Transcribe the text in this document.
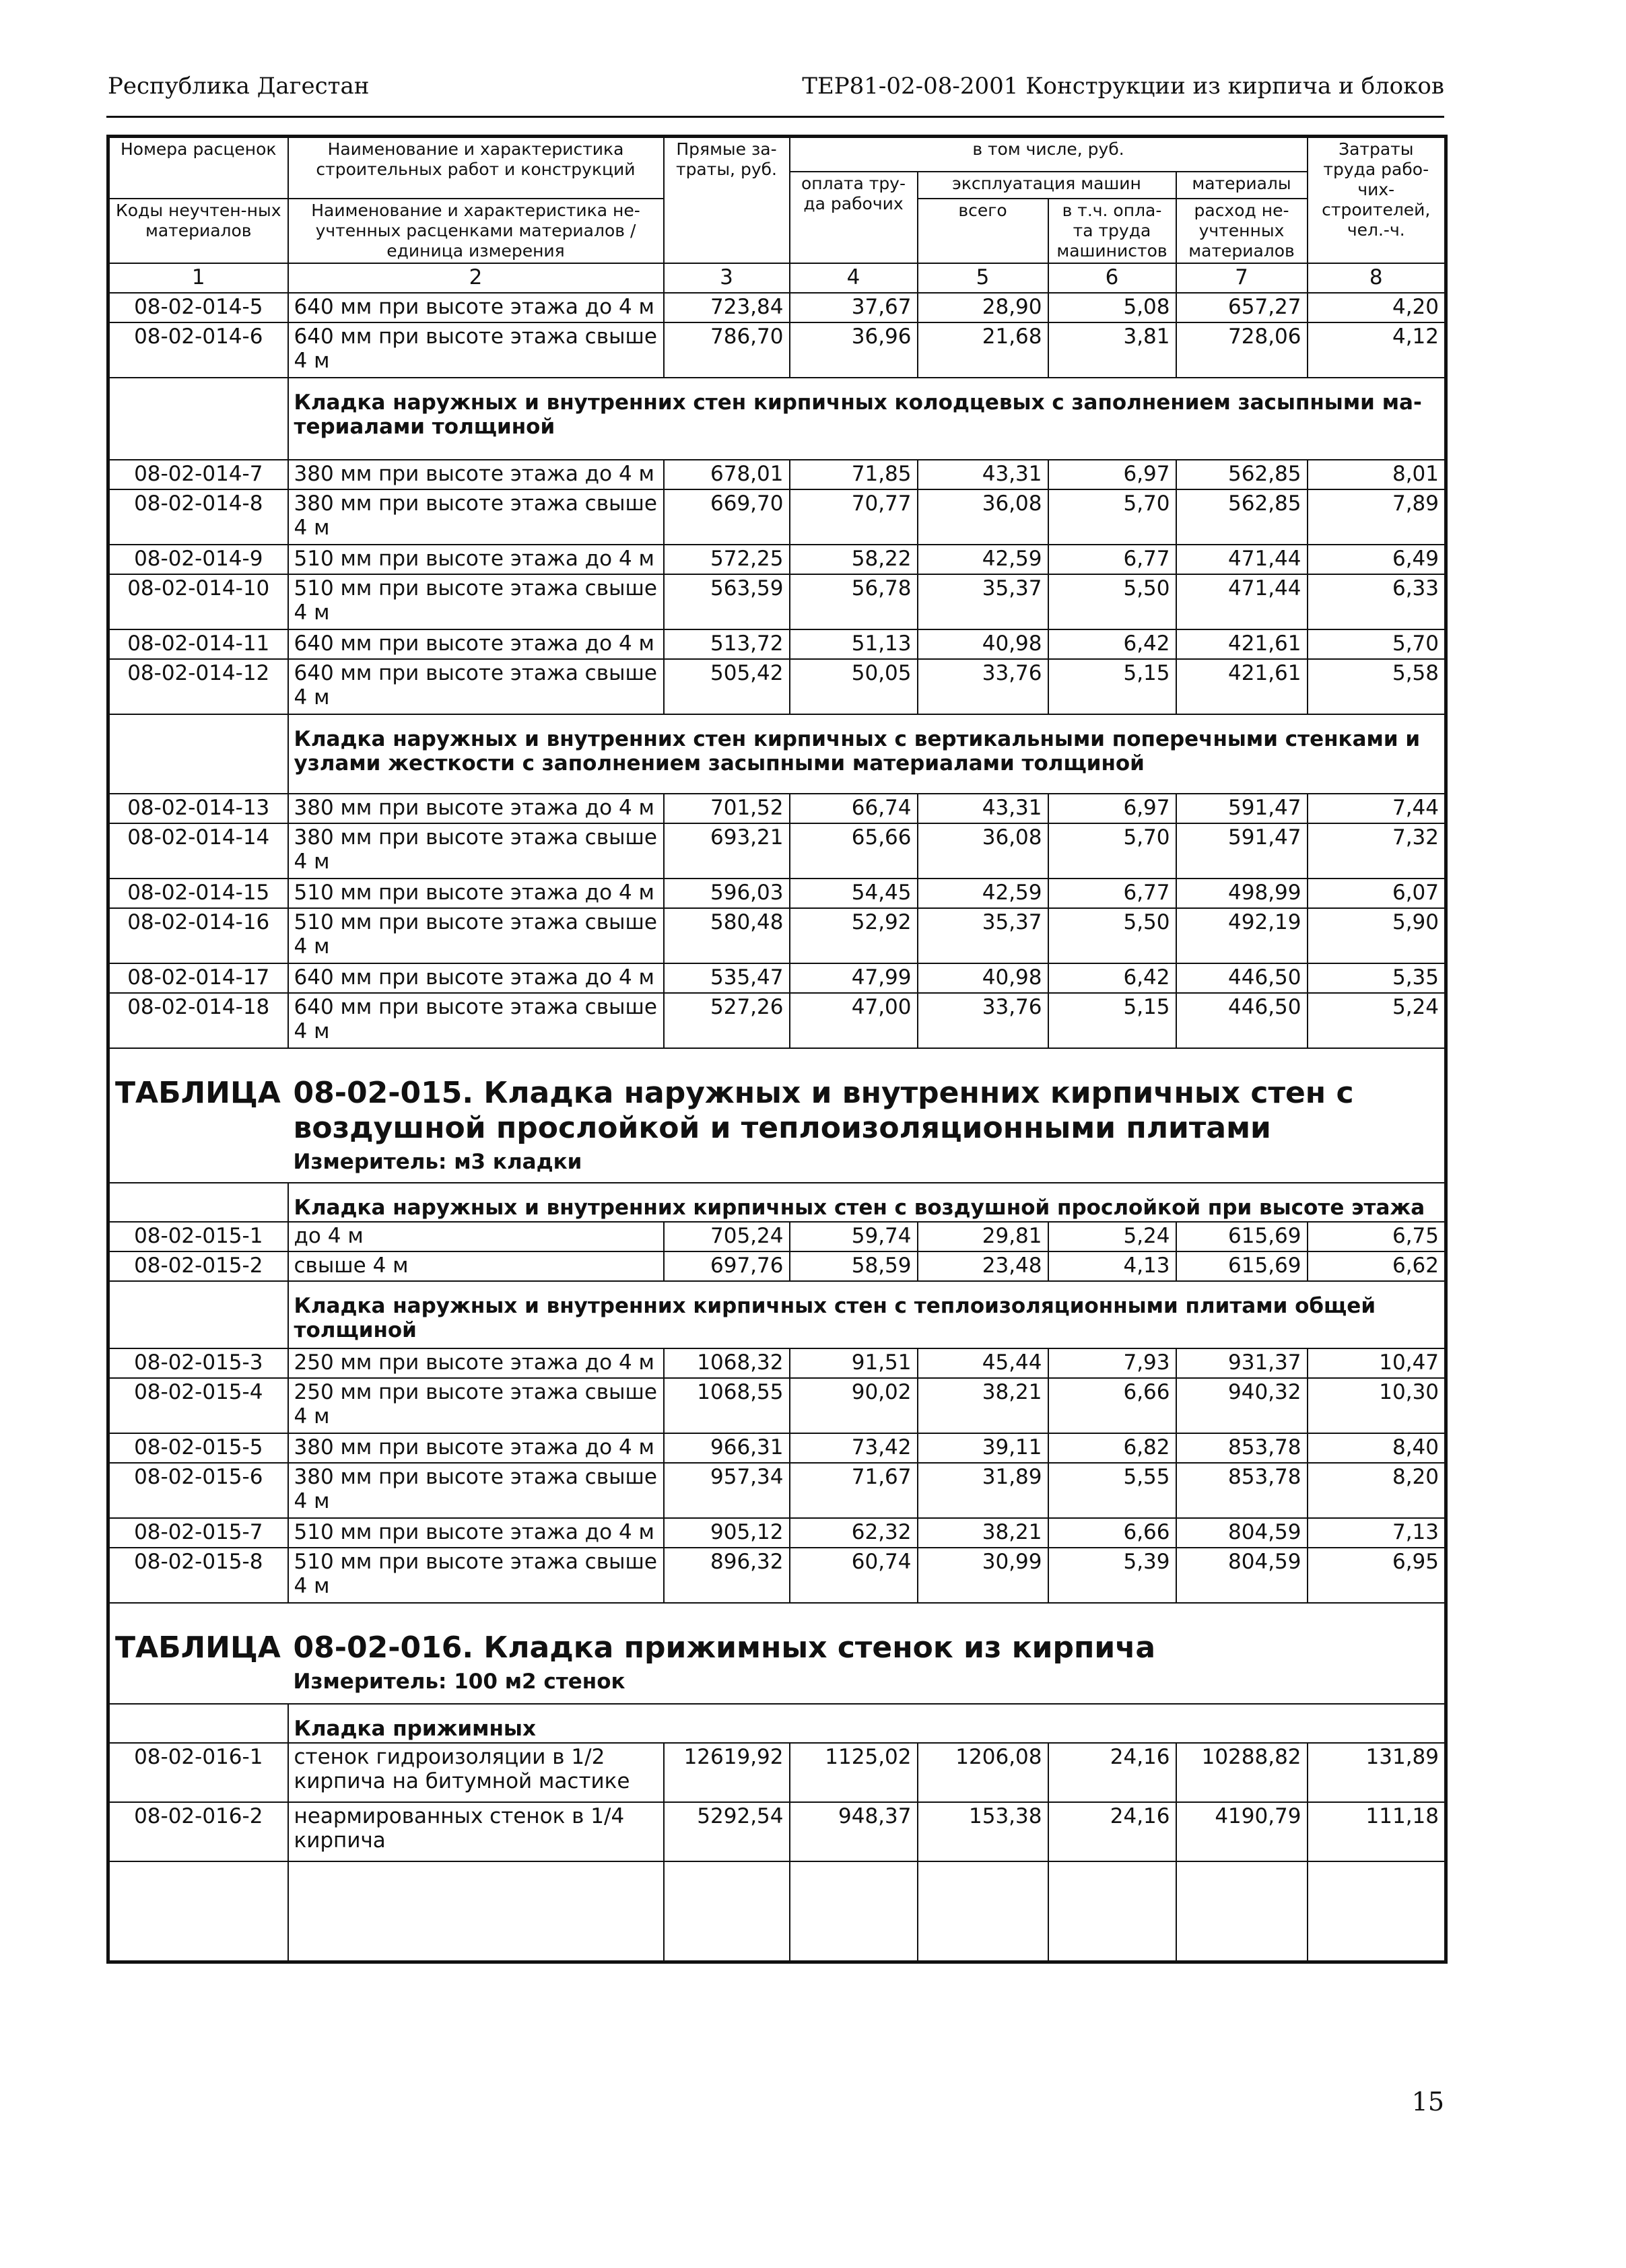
Республика Дагестан	ТЕР81-02-08-2001 Конструкции из кирпича и блоков
Номера расценок	Наименование и характеристика строительных работ и конструкций	Прямые за-траты, руб.	в том числе, руб.				Затраты труда рабо-чих-строителей, чел.-ч.
			оплата тру-да рабочих	эксплуатация машин		материалы	
Коды неучтен-ных материалов	Наименование и характеристика не-учтенных расценками материалов / единица измерения			всего	в т.ч. опла-та труда машинистов	расход не-учтенных материалов	

1	2	3	4	5	6	7	8
08-02-014-5	640 мм при высоте этажа до 4 м	723,84	37,67	28,90	5,08	657,27	4,20
08-02-014-6	640 мм при высоте этажа свыше 4 м	786,70	36,96	21,68	3,81	728,06	4,12
	Кладка наружных и внутренних стен кирпичных колодцевых с заполнением засыпными ма-териалами толщиной						
08-02-014-7	380 мм при высоте этажа до 4 м	678,01	71,85	43,31	6,97	562,85	8,01
08-02-014-8	380 мм при высоте этажа свыше 4 м	669,70	70,77	36,08	5,70	562,85	7,89
08-02-014-9	510 мм при высоте этажа до 4 м	572,25	58,22	42,59	6,77	471,44	6,49
08-02-014-10	510 мм при высоте этажа свыше 4 м	563,59	56,78	35,37	5,50	471,44	6,33
08-02-014-11	640 мм при высоте этажа до 4 м	513,72	51,13	40,98	6,42	421,61	5,70
08-02-014-12	640 мм при высоте этажа свыше 4 м	505,42	50,05	33,76	5,15	421,61	5,58
	Кладка наружных и внутренних стен кирпичных с вертикальными поперечными стенками и узлами жесткости с заполнением засыпными материалами толщиной						
08-02-014-13	380 мм при высоте этажа до 4 м	701,52	66,74	43,31	6,97	591,47	7,44
08-02-014-14	380 мм при высоте этажа свыше 4 м	693,21	65,66	36,08	5,70	591,47	7,32
08-02-014-15	510 мм при высоте этажа до 4 м	596,03	54,45	42,59	6,77	498,99	6,07
08-02-014-16	510 мм при высоте этажа свыше 4 м	580,48	52,92	35,37	5,50	492,19	5,90
08-02-014-17	640 мм при высоте этажа до 4 м	535,47	47,99	40,98	6,42	446,50	5,35
08-02-014-18	640 мм при высоте этажа свыше 4 м	527,26	47,00	33,76	5,15	446,50	5,24
ТАБЛИЦА	08-02-015. Кладка наружных и внутренних кирпичных стен с воздушной прослойкой и теплоизоляционными плитами
Измеритель: м3 кладки						

	Кладка наружных и внутренних кирпичных стен с воздушной прослойкой при высоте этажа						
08-02-015-1	до 4 м	705,24	59,74	29,81	5,24	615,69	6,75
08-02-015-2	свыше 4 м	697,76	58,59	23,48	4,13	615,69	6,62
	Кладка наружных и внутренних кирпичных стен с теплоизоляционными плитами общей толщиной						
08-02-015-3	250 мм при высоте этажа до 4 м	1068,32	91,51	45,44	7,93	931,37	10,47
08-02-015-4	250 мм при высоте этажа свыше 4 м	1068,55	90,02	38,21	6,66	940,32	10,30
08-02-015-5	380 мм при высоте этажа до 4 м	966,31	73,42	39,11	6,82	853,78	8,40
08-02-015-6	380 мм при высоте этажа свыше 4 м	957,34	71,67	31,89	5,55	853,78	8,20
08-02-015-7	510 мм при высоте этажа до 4 м	905,12	62,32	38,21	6,66	804,59	7,13
08-02-015-8	510 мм при высоте этажа свыше 4 м	896,32	60,74	30,99	5,39	804,59	6,95
ТАБЛИЦА	08-02-016. Кладка прижимных стенок из кирпича
Измеритель: 100 м2 стенок						

	Кладка прижимных						
08-02-016-1	стенок гидроизоляции в 1/2 кирпича на битумной мастике	12619,92	1125,02	1206,08	24,16	10288,82	131,89
08-02-016-2	неармированных стенок в 1/4 кирпича	5292,54	948,37	153,38	24,16	4190,79	111,18

15
